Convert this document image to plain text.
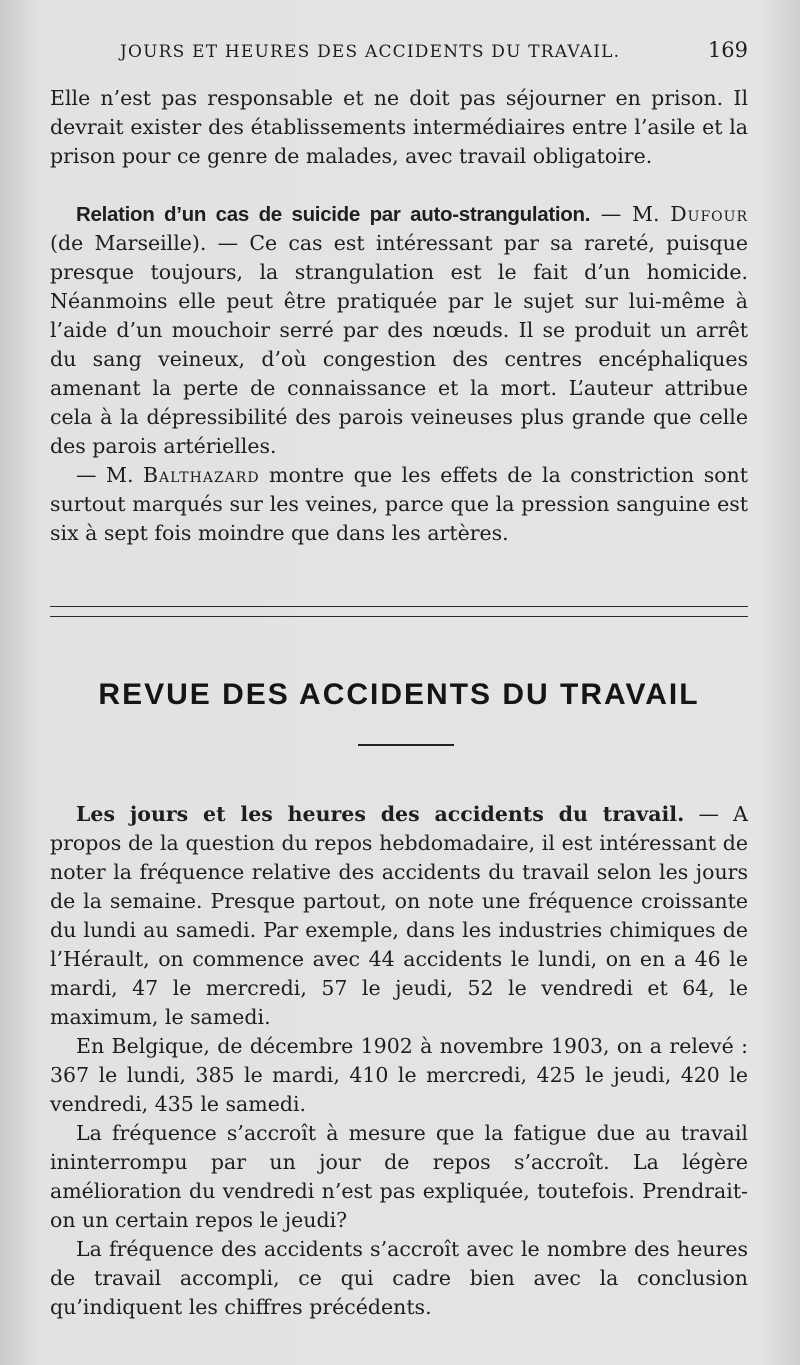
JOURS ET HEURES DES ACCIDENTS DU TRAVAIL.	169

Elle n’est pas responsable et ne doit pas séjourner en prison. Il devrait exister des établissements intermédiaires entre l’asile et la prison pour ce genre de malades, avec travail obligatoire.

Relation d’un cas de suicide par auto-strangulation. — M. Dufour (de Marseille). — Ce cas est intéressant par sa rareté, puisque presque toujours, la strangulation est le fait d’un homicide. Néanmoins elle peut être pratiquée par le sujet sur lui-même à l’aide d’un mouchoir serré par des nœuds. Il se produit un arrêt du sang veineux, d’où congestion des centres encéphaliques amenant la perte de connaissance et la mort. L’auteur attribue cela à la dépressibilité des parois veineuses plus grande que celle des parois artérielles.

— M. Balthazard montre que les effets de la constriction sont surtout marqués sur les veines, parce que la pression sanguine est six à sept fois moindre que dans les artères.

REVUE DES ACCIDENTS DU TRAVAIL

Les jours et les heures des accidents du travail. — A propos de la question du repos hebdomadaire, il est intéressant de noter la fréquence relative des accidents du travail selon les jours de la semaine. Presque partout, on note une fréquence croissante du lundi au samedi. Par exemple, dans les industries chimiques de l’Hérault, on commence avec 44 accidents le lundi, on en a 46 le mardi, 47 le mercredi, 57 le jeudi, 52 le vendredi et 64, le maximum, le samedi.

En Belgique, de décembre 1902 à novembre 1903, on a relevé : 367 le lundi, 385 le mardi, 410 le mercredi, 425 le jeudi, 420 le vendredi, 435 le samedi.

La fréquence s’accroît à mesure que la fatigue due au travail ininterrompu par un jour de repos s’accroît. La légère amélioration du vendredi n’est pas expliquée, toutefois. Prendrait-on un certain repos le jeudi?

La fréquence des accidents s’accroît avec le nombre des heures de travail accompli, ce qui cadre bien avec la conclusion qu’indiquent les chiffres précédents.
